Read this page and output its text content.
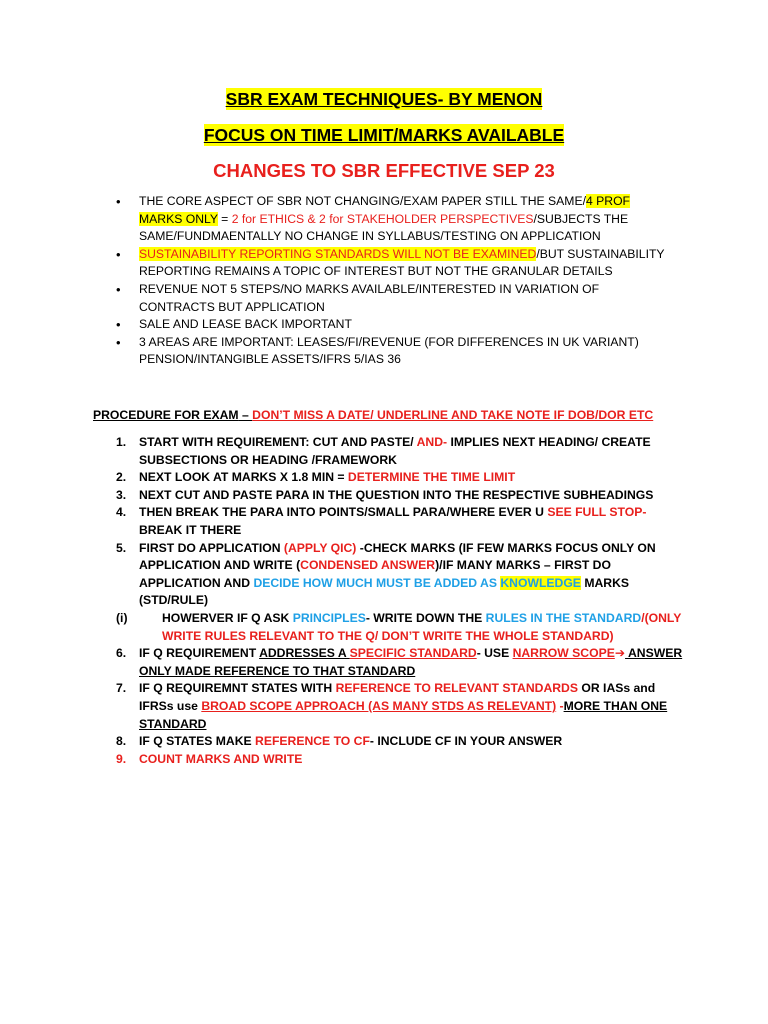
SBR EXAM TECHNIQUES- BY MENON
FOCUS ON TIME LIMIT/MARKS AVAILABLE
CHANGES TO SBR EFFECTIVE SEP 23
• THE CORE ASPECT OF SBR NOT CHANGING/EXAM PAPER STILL THE SAME/4 PROF MARKS ONLY = 2 for ETHICS & 2 for STAKEHOLDER PERSPECTIVES/SUBJECTS THE SAME/FUNDMAENTALLY NO CHANGE IN SYLLABUS/TESTING ON APPLICATION
• SUSTAINABILITY REPORTING STANDARDS WILL NOT BE EXAMINED/BUT SUSTAINABILITY REPORTING REMAINS A TOPIC OF INTEREST BUT NOT THE GRANULAR DETAILS
• REVENUE NOT 5 STEPS/NO MARKS AVAILABLE/INTERESTED IN VARIATION OF CONTRACTS BUT APPLICATION
• SALE AND LEASE BACK IMPORTANT
• 3 AREAS ARE IMPORTANT: LEASES/FI/REVENUE (FOR DIFFERENCES IN UK VARIANT) PENSION/INTANGIBLE ASSETS/IFRS 5/IAS 36
PROCEDURE FOR EXAM – DON’T MISS A DATE/ UNDERLINE AND TAKE NOTE IF DOB/DOR ETC
1. START WITH REQUIREMENT: CUT AND PASTE/ AND- IMPLIES NEXT HEADING/ CREATE SUBSECTIONS OR HEADING /FRAMEWORK
2. NEXT LOOK AT MARKS X 1.8 MIN = DETERMINE THE TIME LIMIT
3. NEXT CUT AND PASTE PARA IN THE QUESTION INTO THE RESPECTIVE SUBHEADINGS
4. THEN BREAK THE PARA INTO POINTS/SMALL PARA/WHERE EVER U SEE FULL STOP- BREAK IT THERE
5. FIRST DO APPLICATION (APPLY QIC) -CHECK MARKS (IF FEW MARKS FOCUS ONLY ON APPLICATION AND WRITE (CONDENSED ANSWER)/IF MANY MARKS – FIRST DO APPLICATION AND DECIDE HOW MUCH MUST BE ADDED AS KNOWLEDGE MARKS (STD/RULE)
(i)	HOWERVER IF Q ASK PRINCIPLES- WRITE DOWN THE RULES IN THE STANDARD/(ONLY WRITE RULES RELEVANT TO THE Q/ DON’T WRITE THE WHOLE STANDARD)
6. IF Q REQUIREMENT ADDRESSES A SPECIFIC STANDARD- USE NARROW SCOPE➔ ANSWER ONLY MADE REFERENCE TO THAT STANDARD
7. IF Q REQUIREMNT STATES WITH REFERENCE TO RELEVANT STANDARDS OR IASs and IFRSs use BROAD SCOPE APPROACH (AS MANY STDS AS RELEVANT) -MORE THAN ONE STANDARD
8. IF Q STATES MAKE REFERENCE TO CF- INCLUDE CF IN YOUR ANSWER
9. COUNT MARKS AND WRITE
